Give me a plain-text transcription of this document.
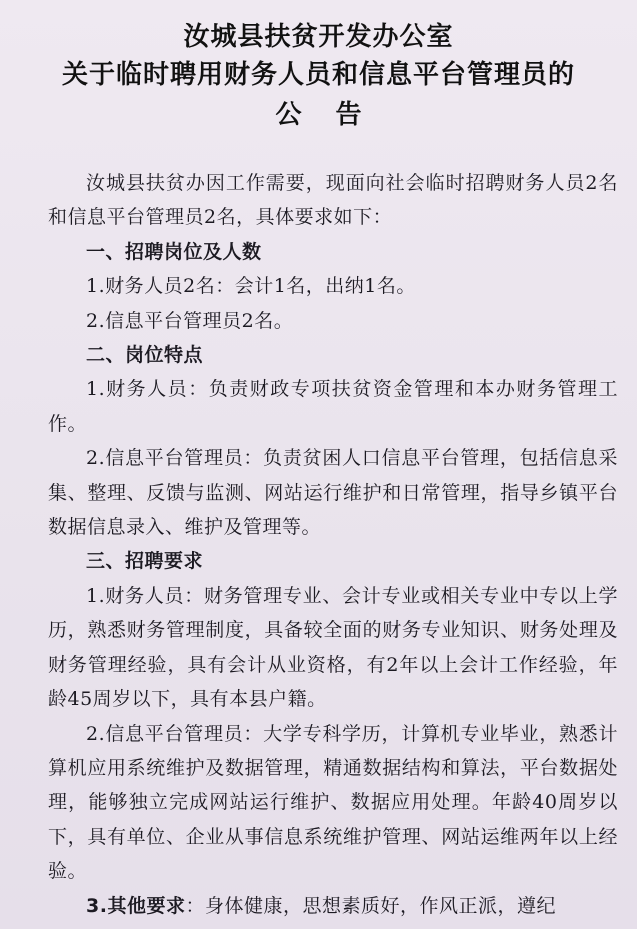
汝城县扶贫开发办公室
关于临时聘用财务人员和信息平台管理员的
公告

汝城县扶贫办因工作需要，现面向社会临时招聘财务人员2名和信息平台管理员2名，具体要求如下：

一、招聘岗位及人数

1.财务人员2名：会计1名，出纳1名。

2.信息平台管理员2名。

二、岗位特点

1.财务人员：负责财政专项扶贫资金管理和本办财务管理工作。

2.信息平台管理员：负责贫困人口信息平台管理，包括信息采集、整理、反馈与监测、网站运行维护和日常管理，指导乡镇平台数据信息录入、维护及管理等。

三、招聘要求

1.财务人员：财务管理专业、会计专业或相关专业中专以上学历，熟悉财务管理制度，具备较全面的财务专业知识、财务处理及财务管理经验，具有会计从业资格，有2年以上会计工作经验，年龄45周岁以下，具有本县户籍。

2.信息平台管理员：大学专科学历，计算机专业毕业，熟悉计算机应用系统维护及数据管理，精通数据结构和算法，平台数据处理，能够独立完成网站运行维护、数据应用处理。年龄40周岁以下，具有单位、企业从事信息系统维护管理、网站运维两年以上经验。

3.其他要求：身体健康，思想素质好，作风正派，遵纪
